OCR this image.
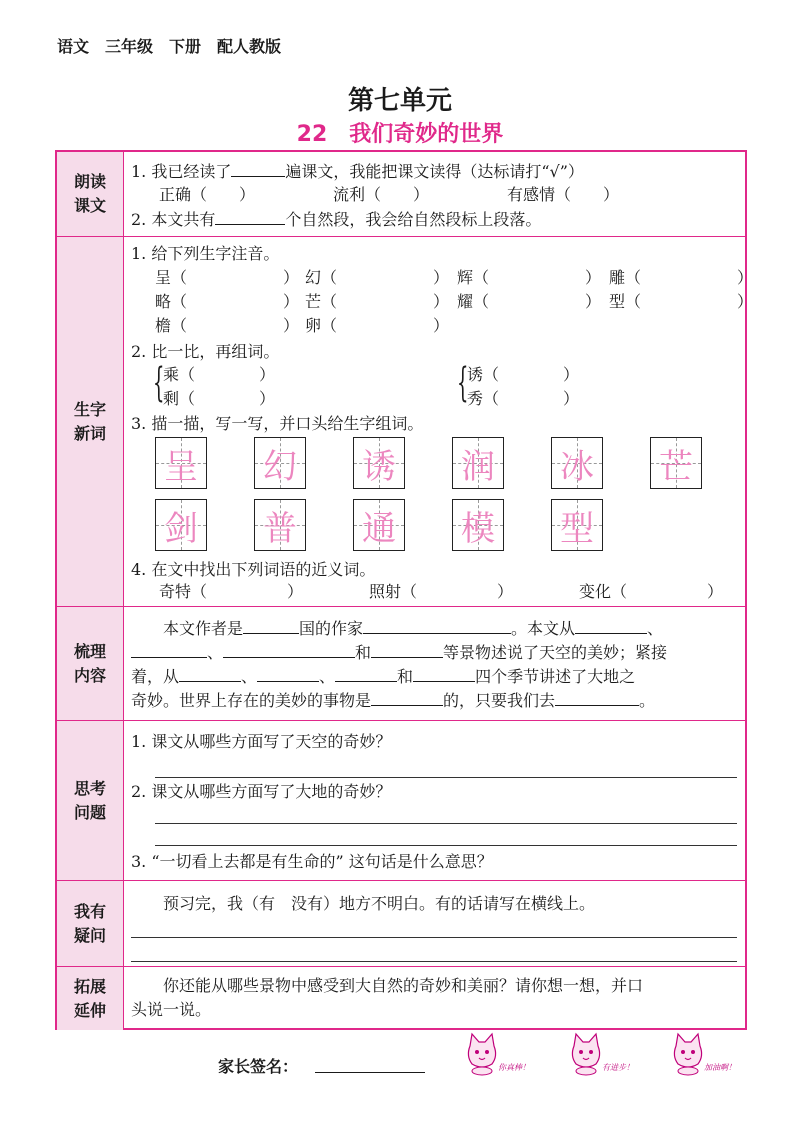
语文　三年级　下册　配人教版
第七单元
22 我们奇妙的世界
朗读课文
1. 我已经读了	遍课文，我能把课文读得（达标请打“√”）
正确（　　）	流利（　　）	有感情（　　）
2. 本文共有	个自然段，我会给自然段标上段落。
生字新词
1. 给下列生字注音。
呈（　　　　　　） 幻（　　　　　　） 辉（　　　　　　） 雕（　　　　　　）
略（　　　　　　） 芒（　　　　　　） 耀（　　　　　　） 型（　　　　　　）
檐（　　　　　　） 卵（　　　　　　）
2. 比一比，再组词。
{
乘（　　　　）
剩（　　　　）	{
诱（　　　　）
秀（　　　　）
3. 描一描，写一写，并口头给生字组词。
呈 幻 诱 润 冰 芒
剑 普 通 模 型
4. 在文中找出下列词语的近义词。
奇特（　　　　　）	照射（　　　　　）	变化（　　　　　）
梳理内容
本文作者是	国的作家	。本文从	、
、	和	等景物述说了天空的美妙；紧接
着，从	、	、	和	四个季节讲述了大地之
奇妙。世界上存在的美妙的事物是	的，只要我们去	。
思考问题
1. 课文从哪些方面写了天空的奇妙？
2. 课文从哪些方面写了大地的奇妙？
3. “一切看上去都是有生命的” 这句话是什么意思？
我有疑问
预习完，我（有　没有）地方不明白。有的话请写在横线上。
拓展延伸
你还能从哪些景物中感受到大自然的奇妙和美丽？请你想一想，并口
头说一说。
家长签名：	你真棒！	有进步！	加油啊！
